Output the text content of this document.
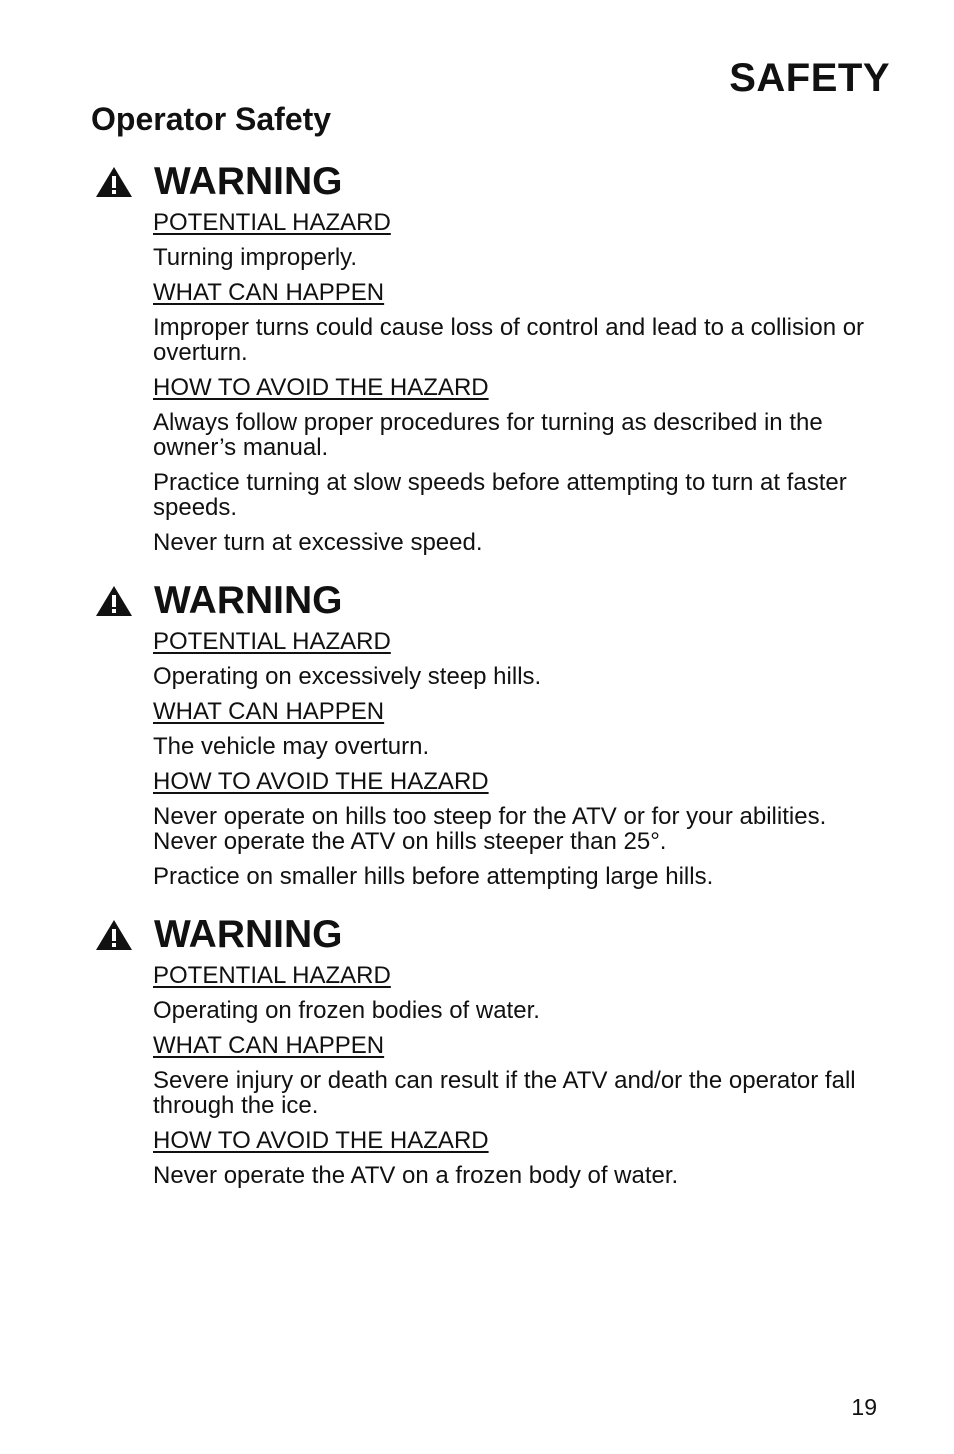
SAFETY
Operator Safety
WARNING

POTENTIAL HAZARD

Turning improperly.

WHAT CAN HAPPEN

Improper turns could cause loss of control and lead to a collision or overturn.

HOW TO AVOID THE HAZARD

Always follow proper procedures for turning as described in the owner’s manual.

Practice turning at slow speeds before attempting to turn at faster speeds.

Never turn at excessive speed.

WARNING

POTENTIAL HAZARD

Operating on excessively steep hills.

WHAT CAN HAPPEN

The vehicle may overturn.

HOW TO AVOID THE HAZARD

Never operate on hills too steep for the ATV or for your abilities. Never operate the ATV on hills steeper than 25°.

Practice on smaller hills before attempting large hills.

WARNING

POTENTIAL HAZARD

Operating on frozen bodies of water.

WHAT CAN HAPPEN

Severe injury or death can result if the ATV and/or the operator fall through the ice.

HOW TO AVOID THE HAZARD

Never operate the ATV on a frozen body of water.

19
